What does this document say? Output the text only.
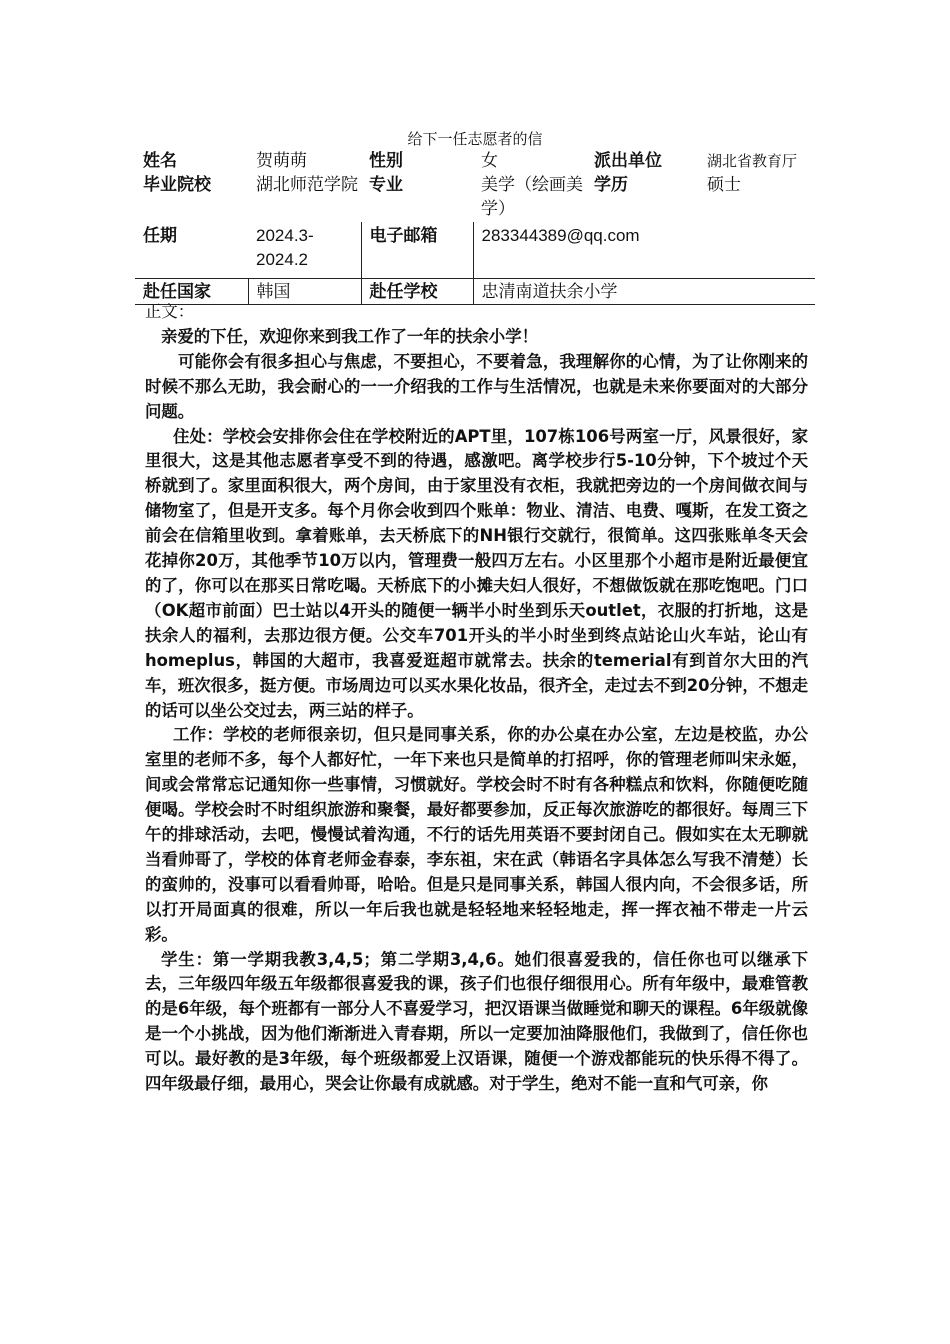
给下一任志愿者的信
姓名	贺萌萌	性别	女	派出单位	湖北省教育厅
毕业院校	湖北师范学院	专业	美学（绘画美学）	学历	硕士
任期	2024.3-2024.2	电子邮箱	283344389@qq.com		
赴任国家	韩国	赴任学校	忠清南道扶余小学		

正文：

亲爱的下任，欢迎你来到我工作了一年的扶余小学！

可能你会有很多担心与焦虑，不要担心，不要着急，我理解你的心情，为了让你刚来的时候不那么无助，我会耐心的一一介绍我的工作与生活情况，也就是未来你要面对的大部分问题。

住处：学校会安排你会住在学校附近的APT里，107栋106号两室一厅，风景很好，家里很大，这是其他志愿者享受不到的待遇，感激吧。离学校步行5-10分钟，下个坡过个天桥就到了。家里面积很大，两个房间，由于家里没有衣柜，我就把旁边的一个房间做衣间与储物室了，但是开支多。每个月你会收到四个账单：物业、清洁、电费、嘎斯，在发工资之前会在信箱里收到。拿着账单，去天桥底下的NH银行交就行，很简单。这四张账单冬天会花掉你20万，其他季节10万以内，管理费一般四万左右。小区里那个小超市是附近最便宜的了，你可以在那买日常吃喝。天桥底下的小摊夫妇人很好，不想做饭就在那吃饱吧。门口（OK超市前面）巴士站以4开头的随便一辆半小时坐到乐天outlet，衣服的打折地，这是扶余人的福利，去那边很方便。公交车701开头的半小时坐到终点站论山火车站，论山有homeplus，韩国的大超市，我喜爱逛超市就常去。扶余的temerial有到首尔大田的汽车，班次很多，挺方便。市场周边可以买水果化妆品，很齐全，走过去不到20分钟，不想走的话可以坐公交过去，两三站的样子。

工作：学校的老师很亲切，但只是同事关系，你的办公桌在办公室，左边是校监，办公室里的老师不多，每个人都好忙，一年下来也只是简单的打招呼，你的管理老师叫宋永姬，间或会常常忘记通知你一些事情，习惯就好。学校会时不时有各种糕点和饮料，你随便吃随便喝。学校会时不时组织旅游和聚餐，最好都要参加，反正每次旅游吃的都很好。每周三下午的排球活动，去吧，慢慢试着沟通，不行的话先用英语不要封闭自己。假如实在太无聊就当看帅哥了，学校的体育老师金春泰，李东祖，宋在武（韩语名字具体怎么写我不清楚）长的蛮帅的，没事可以看看帅哥，哈哈。但是只是同事关系，韩国人很内向，不会很多话，所以打开局面真的很难，所以一年后我也就是轻轻地来轻轻地走，挥一挥衣袖不带走一片云彩。

学生：第一学期我教3,4,5；第二学期3,4,6。她们很喜爱我的，信任你也可以继承下去，三年级四年级五年级都很喜爱我的课，孩子们也很仔细很用心。所有年级中，最难管教的是6年级，每个班都有一部分人不喜爱学习，把汉语课当做睡觉和聊天的课程。6年级就像是一个小挑战，因为他们渐渐进入青春期，所以一定要加油降服他们，我做到了，信任你也可以。最好教的是3年级，每个班级都爱上汉语课，随便一个游戏都能玩的快乐得不得了。四年级最仔细，最用心，哭会让你最有成就感。对于学生，绝对不能一直和气可亲，你
